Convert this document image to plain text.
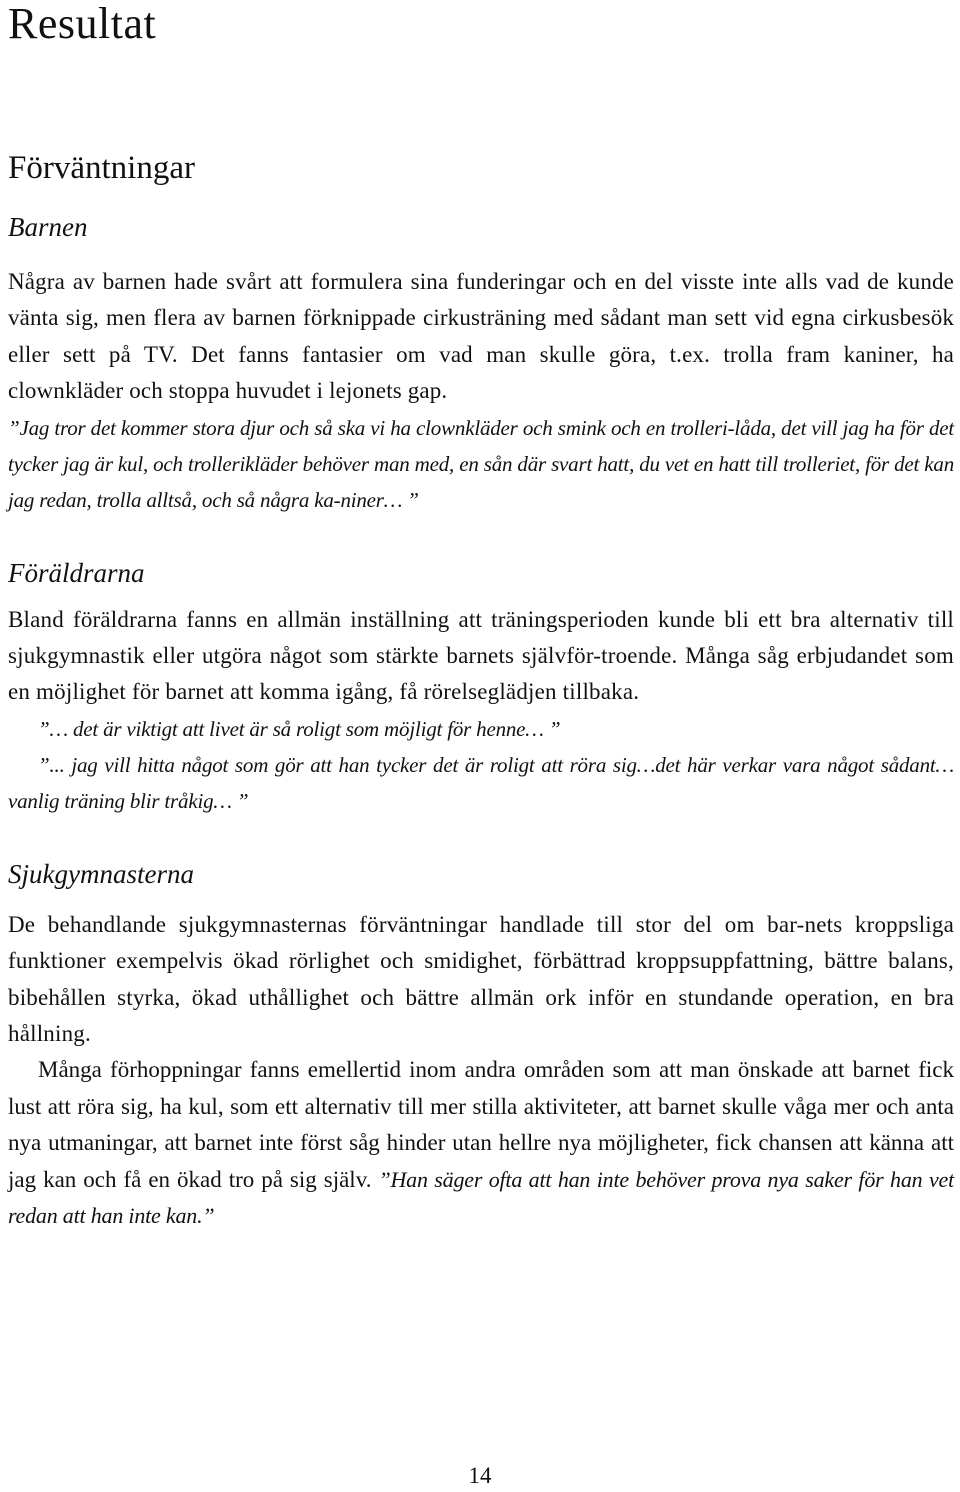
Resultat
Förväntningar
Barnen

Några av barnen hade svårt att formulera sina funderingar och en del visste inte alls vad de kunde vänta sig, men flera av barnen förknippade cirkusträning med sådant man sett vid egna cirkusbesök eller sett på TV. Det fanns fantasier om vad man skulle göra, t.ex. trolla fram kaniner, ha clownkläder och stoppa huvudet i lejonets gap.

”Jag tror det kommer stora djur och så ska vi ha clownkläder och smink och en trolleri-låda, det vill jag ha för det tycker jag är kul, och trollerikläder behöver man med, en sån där svart hatt, du vet en hatt till trolleriet, för det kan jag redan, trolla alltså, och så några ka-niner… ”

Föräldrarna

Bland föräldrarna fanns en allmän inställning att träningsperioden kunde bli ett bra alternativ till sjukgymnastik eller utgöra något som stärkte barnets självför-troende. Många såg erbjudandet som en möjlighet för barnet att komma igång, få rörelseglädjen tillbaka.

”… det är viktigt att livet är så roligt som möjligt för henne… ”

”... jag vill hitta något som gör att han tycker det är roligt att röra sig…det här verkar vara något sådant…vanlig träning blir tråkig… ”

Sjukgymnasterna

De behandlande sjukgymnasternas förväntningar handlade till stor del om bar-nets kroppsliga funktioner exempelvis ökad rörlighet och smidighet, förbättrad kroppsuppfattning, bättre balans, bibehållen styrka, ökad uthållighet och bättre allmän ork inför en stundande operation, en bra hållning.

Många förhoppningar fanns emellertid inom andra områden som att man önskade att barnet fick lust att röra sig, ha kul, som ett alternativ till mer stilla aktiviteter, att barnet skulle våga mer och anta nya utmaningar, att barnet inte först såg hinder utan hellre nya möjligheter, fick chansen att känna att jag kan och få en ökad tro på sig själv. ”Han säger ofta att han inte behöver prova nya saker för han vet redan att han inte kan.”

14
